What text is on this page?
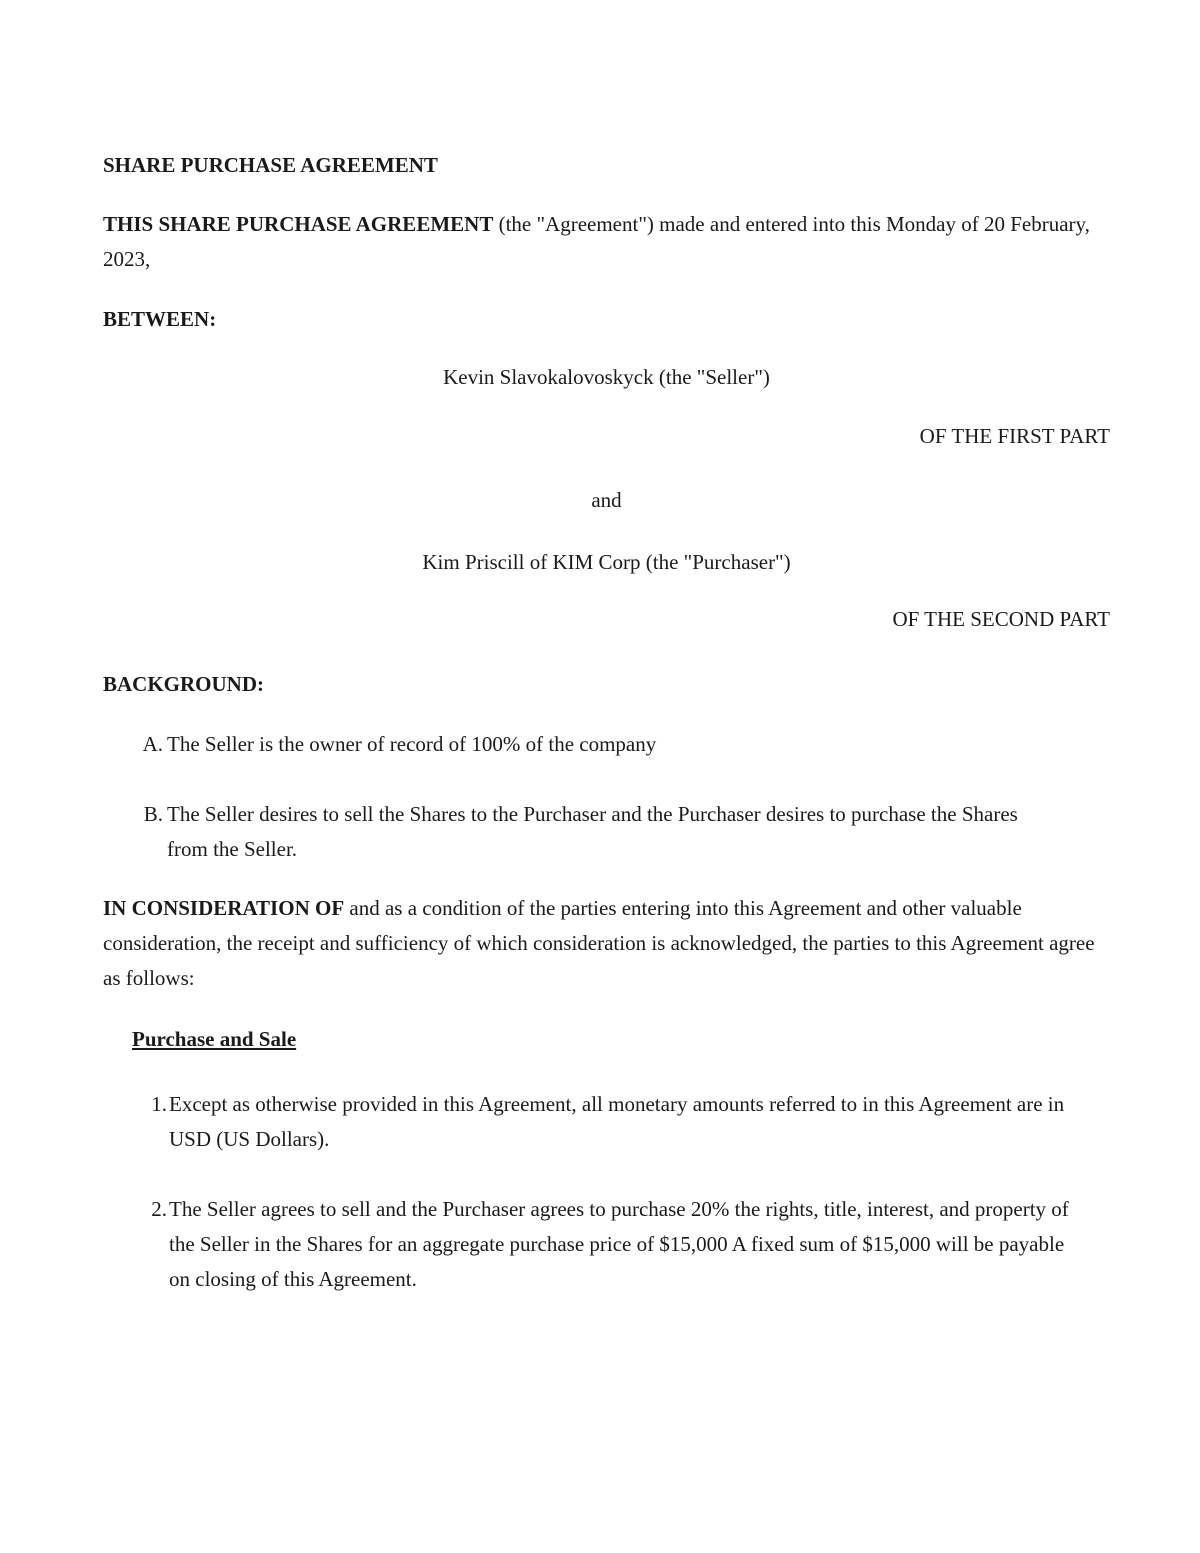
SHARE PURCHASE AGREEMENT

THIS SHARE PURCHASE AGREEMENT (the "Agreement") made and entered into this Monday of 20 February, 2023,

BETWEEN:

Kevin Slavokalovoskyck (the "Seller")

OF THE FIRST PART

and

Kim Priscill of KIM Corp (the "Purchaser")

OF THE SECOND PART

BACKGROUND:

A. The Seller is the owner of record of 100% of the company
B. The Seller desires to sell the Shares to the Purchaser and the Purchaser desires to purchase the Shares from the Seller.

IN CONSIDERATION OF and as a condition of the parties entering into this Agreement and other valuable consideration, the receipt and sufficiency of which consideration is acknowledged, the parties to this Agreement agree as follows:

Purchase and Sale

1. Except as otherwise provided in this Agreement, all monetary amounts referred to in this Agreement are in USD (US Dollars).
2. The Seller agrees to sell and the Purchaser agrees to purchase 20% the rights, title, interest, and property of the Seller in the Shares for an aggregate purchase price of $15,000 A fixed sum of $15,000 will be payable on closing of this Agreement.
